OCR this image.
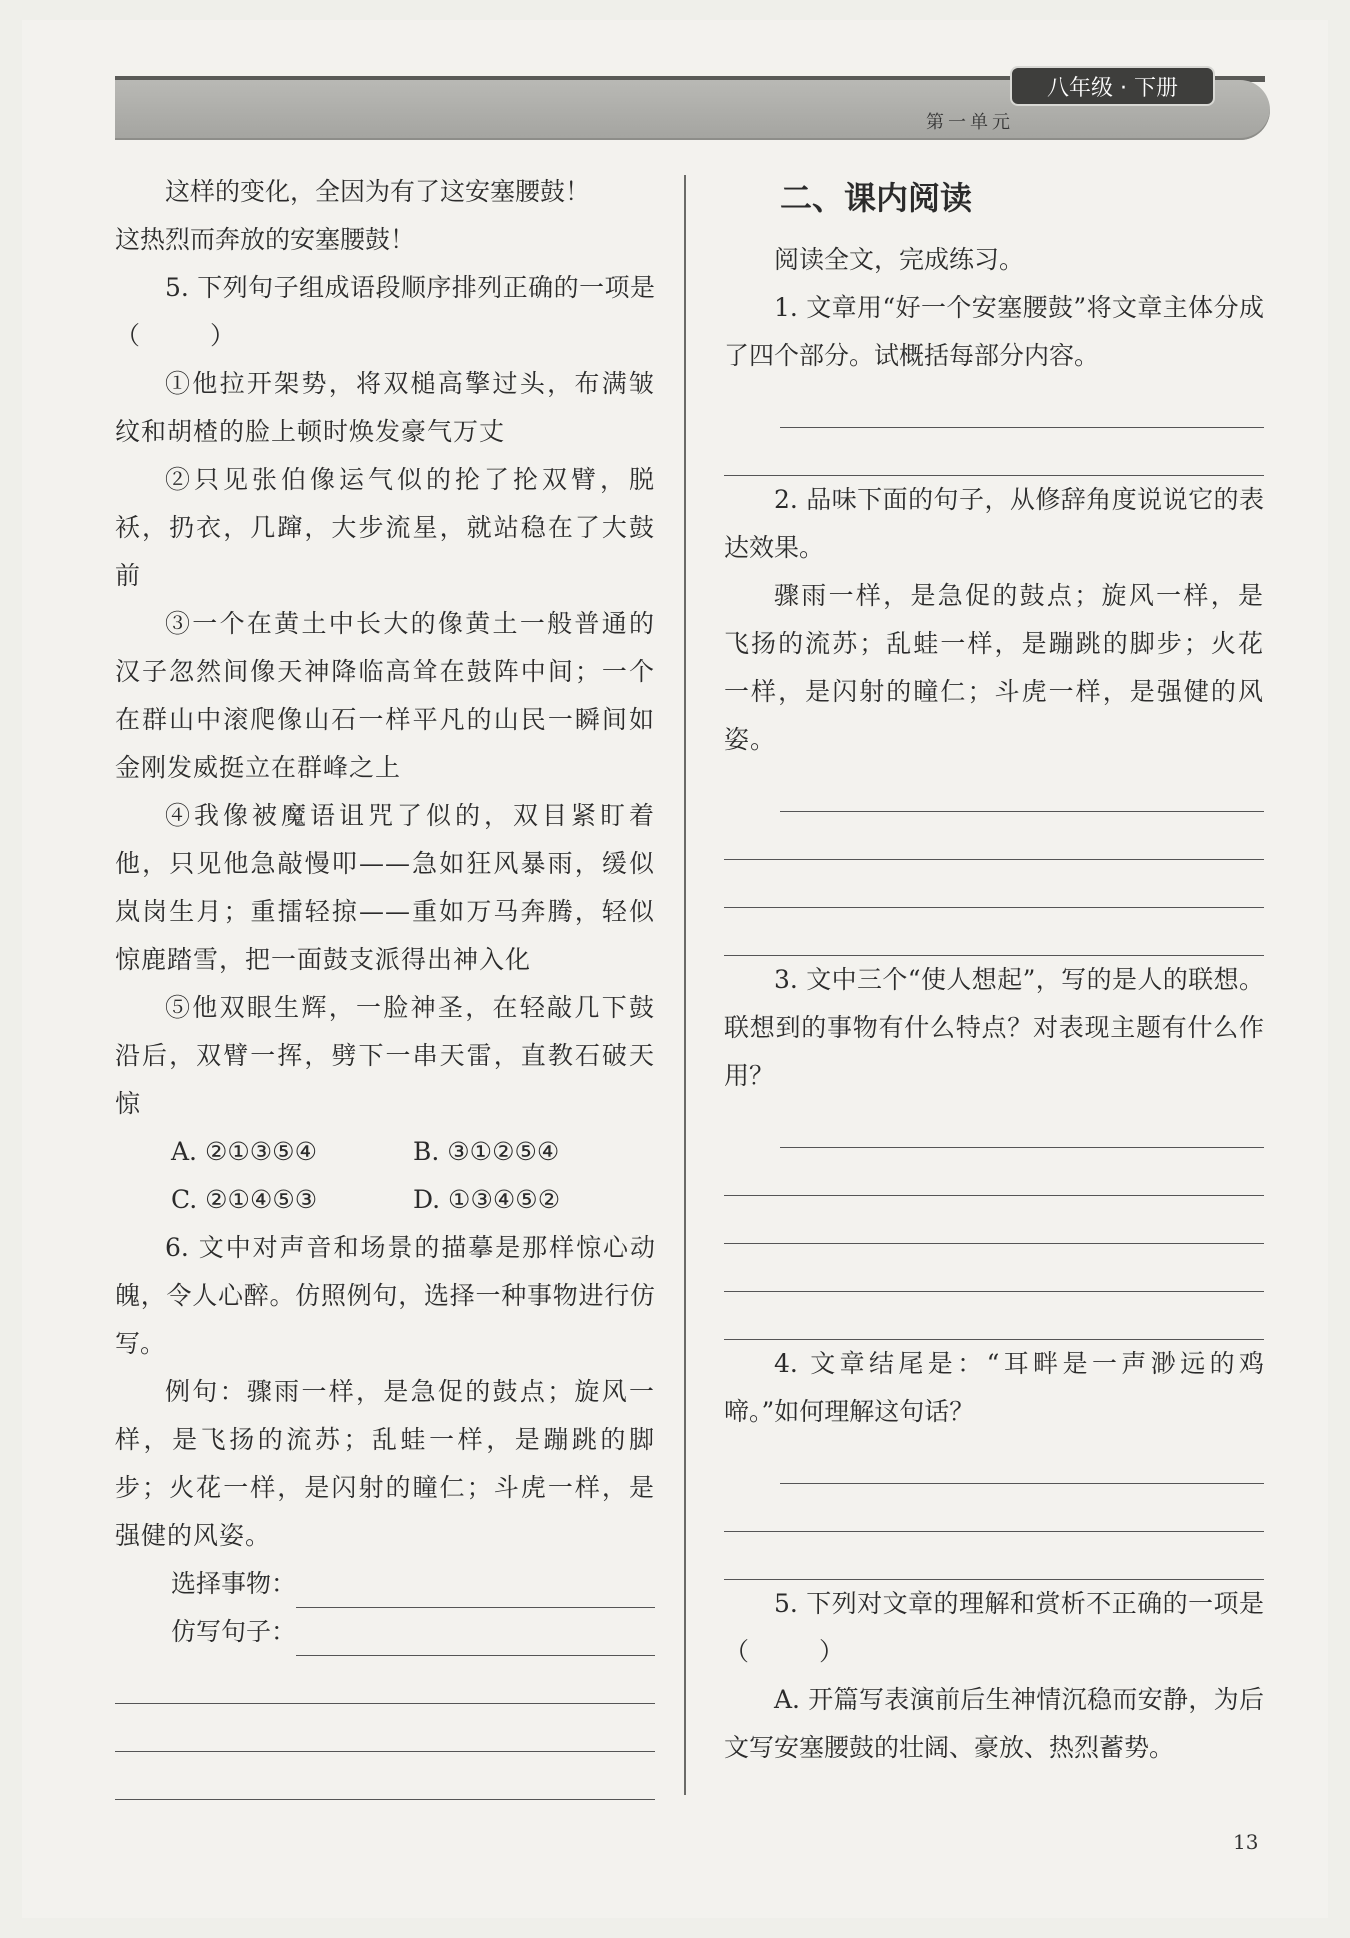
八年级 · 下册
第一单元

这样的变化，全因为有了这安塞腰鼓！

这热烈而奔放的安塞腰鼓！

5. 下列句子组成语段顺序排列正确的一项是（	）

①他拉开架势，将双槌高擎过头，布满皱纹和胡楂的脸上顿时焕发豪气万丈

②只见张伯像运气似的抡了抡双臂，脱袄，扔衣，几蹿，大步流星，就站稳在了大鼓前

③一个在黄土中长大的像黄土一般普通的汉子忽然间像天神降临高耸在鼓阵中间；一个在群山中滚爬像山石一样平凡的山民一瞬间如金刚发威挺立在群峰之上

④我像被魔语诅咒了似的，双目紧盯着他，只见他急敲慢叩——急如狂风暴雨，缓似岚岗生月；重擂轻掠——重如万马奔腾，轻似惊鹿踏雪，把一面鼓支派得出神入化

⑤他双眼生辉，一脸神圣，在轻敲几下鼓沿后，双臂一挥，劈下一串天雷，直教石破天惊

A. ②①③⑤④	B. ③①②⑤④
C. ②①④⑤③	D. ①③④⑤②

6. 文中对声音和场景的描摹是那样惊心动魄，令人心醉。仿照例句，选择一种事物进行仿写。

例句：骤雨一样，是急促的鼓点；旋风一样，是飞扬的流苏；乱蛙一样，是蹦跳的脚步；火花一样，是闪射的瞳仁；斗虎一样，是强健的风姿。

选择事物：
仿写句子：
二、课内阅读

阅读全文，完成练习。

1. 文章用“好一个安塞腰鼓”将文章主体分成了四个部分。试概括每部分内容。

2. 品味下面的句子，从修辞角度说说它的表达效果。

骤雨一样，是急促的鼓点；旋风一样，是飞扬的流苏；乱蛙一样，是蹦跳的脚步；火花一样，是闪射的瞳仁；斗虎一样，是强健的风姿。

3. 文中三个“使人想起”，写的是人的联想。联想到的事物有什么特点？对表现主题有什么作用？

4. 文章结尾是：“耳畔是一声渺远的鸡啼。”如何理解这句话？

5. 下列对文章的理解和赏析不正确的一项是（	）

A. 开篇写表演前后生神情沉稳而安静，为后文写安塞腰鼓的壮阔、豪放、热烈蓄势。

13
